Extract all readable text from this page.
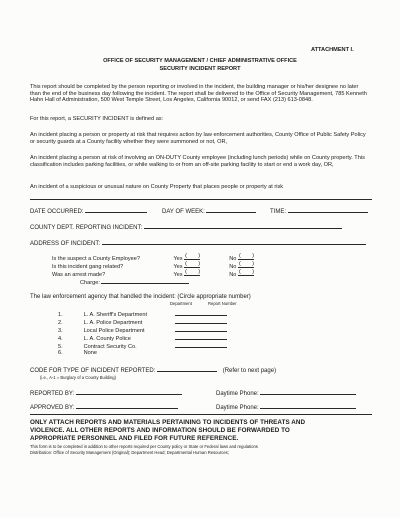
ATTACHMENT I.
OFFICE OF SECURITY MANAGEMENT / CHIEF ADMINISTRATIVE OFFICE
SECURITY INCIDENT REPORT
This report should be completed by the person reporting or involved in the incident, the building manager or his/her designee no later than the end of the business day following the incident. The report shall be delivered to the Office of Security Management, 785 Kenneth Hahn Hall of Administration, 500 West Temple Street, Los Angeles, California 90012, or send FAX (213) 613-0848.
For this report, a SECURITY INCIDENT is defined as:
An incident placing a person or property at risk that requires action by law enforcement authorities, County Office of Public Safety Policy or security guards at a County facility whether they were summoned or not, OR,
An incident placing a person at risk of involving an ON-DUTY County employee (including lunch periods) while on County property. This classification includes parking facilities, or while walking to or from an off-site parking facility to start or end a work day, OR,
An incident of a suspicious or unusual nature on County Property that places people or property at risk
DATE OCCURRED:	DAY OF WEEK:	TIME:
COUNTY DEPT. REPORTING INCIDENT:
ADDRESS OF INCIDENT:
Is the suspect a County Employee?	Yes ( )	No ( )
Is this incident gang related?	Yes ( )	No ( )
Was an arrest made?	Yes ( )	No ( )
Charge:
The law enforcement agency that handled the incident: (Circle appropriate number)
Department	Report Number
1.	L. A. Sheriff's Department
2.	L. A. Police Department
3.	Local Police Department
4.	L. A. County Police
5.	Contract Security Co.
6.	None
CODE FOR TYPE OF INCIDENT REPORTED:	(Refer to next page)
(i.e., A-1 = Burglary of a County Building)
REPORTED BY:	Daytime Phone:
APPROVED BY:	Daytime Phone:
ONLY ATTACH REPORTS AND MATERIALS PERTAINING TO INCIDENTS OF THREATS AND
VIOLENCE. ALL OTHER REPORTS AND INFORMATION SHOULD BE FORWARDED TO
APPROPRIATE PERSONNEL AND FILED FOR FUTURE REFERENCE.
This form is to be completed in addition to other reports required per County policy or State or Federal laws and regulations
Distribution: Office of Security Management (Original); Department Head; Departmental Human Resources;
